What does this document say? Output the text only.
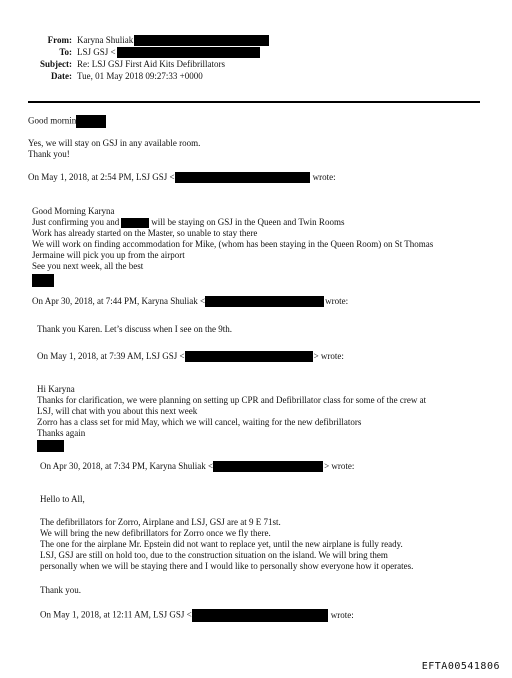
From: Karyna Shuliak
To: LSJ GSJ <
Subject: Re: LSJ GSJ First Aid Kits Defibrillators
Date: Tue, 01 May 2018 09:27:33 +0000
Good mornin
Yes, we will stay on GSJ in any available room.
Thank you!
On May 1, 2018, at 2:54 PM, LSJ GSJ <	wrote:
Good Morning Karyna
Just confirming you and	will be staying on GSJ in the Queen and Twin Rooms
Work has already started on the Master, so unable to stay there
We will work on finding accommodation for Mike, (whom has been staying in the Queen Room) on St Thomas
Jermaine will pick you up from the airport
See you next week, all the best
On Apr 30, 2018, at 7:44 PM, Karyna Shuliak <	wrote:
Thank you Karen. Let’s discuss when I see on the 9th.
On May 1, 2018, at 7:39 AM, LSJ GSJ <	> wrote:
Hi Karyna
Thanks for clarification, we were planning on setting up CPR and Defibrillator class for some of the crew at
LSJ, will chat with you about this next week
Zorro has a class set for mid May, which we will cancel, waiting for the new defibrillators
Thanks again
On Apr 30, 2018, at 7:34 PM, Karyna Shuliak <	> wrote:
Hello to All,
The defibrillators for Zorro, Airplane and LSJ, GSJ are at 9 E 71st.
We will bring the new defibrillators for Zorro once we fly there.
The one for the airplane Mr. Epstein did not want to replace yet, until the new airplane is fully ready.
LSJ, GSJ are still on hold too, due to the construction situation on the island. We will bring them
personally when we will be staying there and I would like to personally show everyone how it operates.
Thank you.
On May 1, 2018, at 12:11 AM, LSJ GSJ <	wrote:
EFTA00541806
